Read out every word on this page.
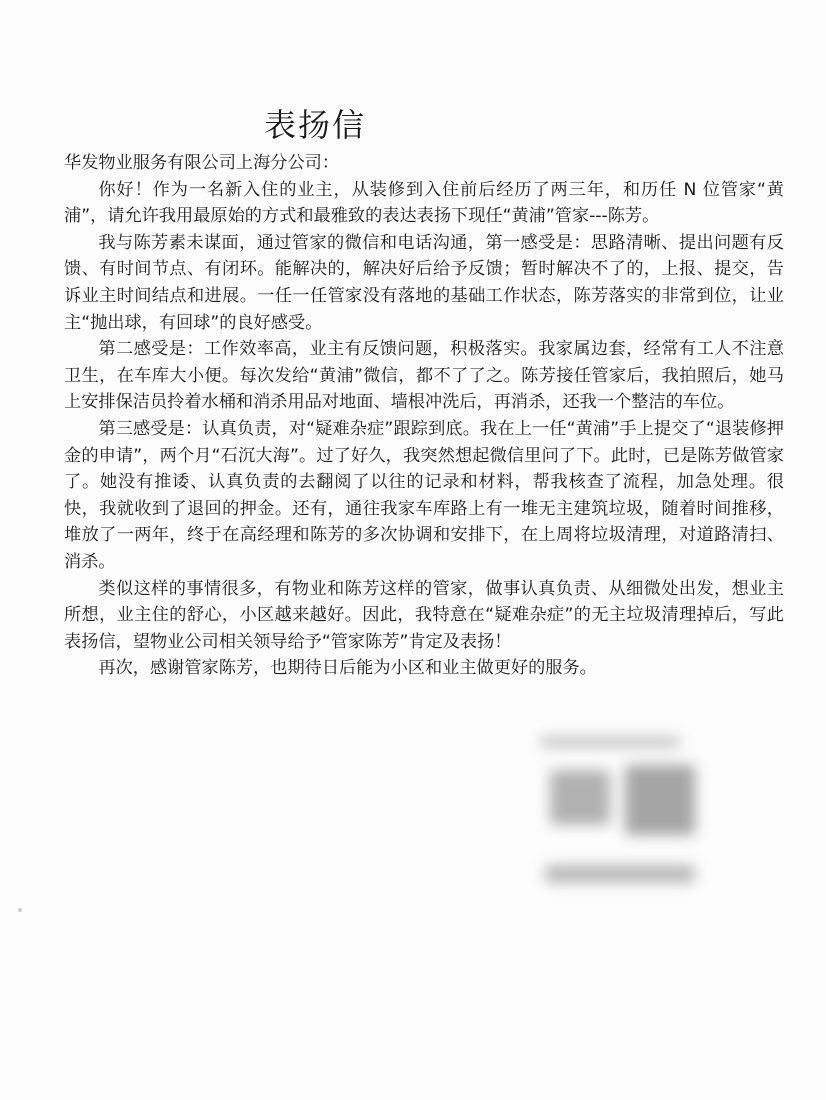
表扬信

华发物业服务有限公司上海分公司：

你好！作为一名新入住的业主，从装修到入住前后经历了两三年，和历任 N 位管家“黄浦”，请允许我用最原始的方式和最雅致的表达表扬下现任“黄浦”管家---陈芳。

我与陈芳素未谋面，通过管家的微信和电话沟通，第一感受是：思路清晰、提出问题有反馈、有时间节点、有闭环。能解决的，解决好后给予反馈；暂时解决不了的，上报、提交，告诉业主时间结点和进展。一任一任管家没有落地的基础工作状态，陈芳落实的非常到位，让业主“抛出球，有回球”的良好感受。

第二感受是：工作效率高，业主有反馈问题，积极落实。我家属边套，经常有工人不注意卫生，在车库大小便。每次发给“黄浦”微信，都不了了之。陈芳接任管家后，我拍照后，她马上安排保洁员拎着水桶和消杀用品对地面、墙根冲洗后，再消杀，还我一个整洁的车位。

第三感受是：认真负责，对“疑难杂症”跟踪到底。我在上一任“黄浦”手上提交了“退装修押金的申请”，两个月“石沉大海”。过了好久，我突然想起微信里问了下。此时，已是陈芳做管家了。她没有推诿、认真负责的去翻阅了以往的记录和材料，帮我核查了流程，加急处理。很快，我就收到了退回的押金。还有，通往我家车库路上有一堆无主建筑垃圾，随着时间推移，堆放了一两年，终于在高经理和陈芳的多次协调和安排下，在上周将垃圾清理，对道路清扫、消杀。

类似这样的事情很多，有物业和陈芳这样的管家，做事认真负责、从细微处出发，想业主所想，业主住的舒心，小区越来越好。因此，我特意在“疑难杂症”的无主垃圾清理掉后，写此表扬信，望物业公司相关领导给予“管家陈芳”肯定及表扬！

再次，感谢管家陈芳，也期待日后能为小区和业主做更好的服务。
